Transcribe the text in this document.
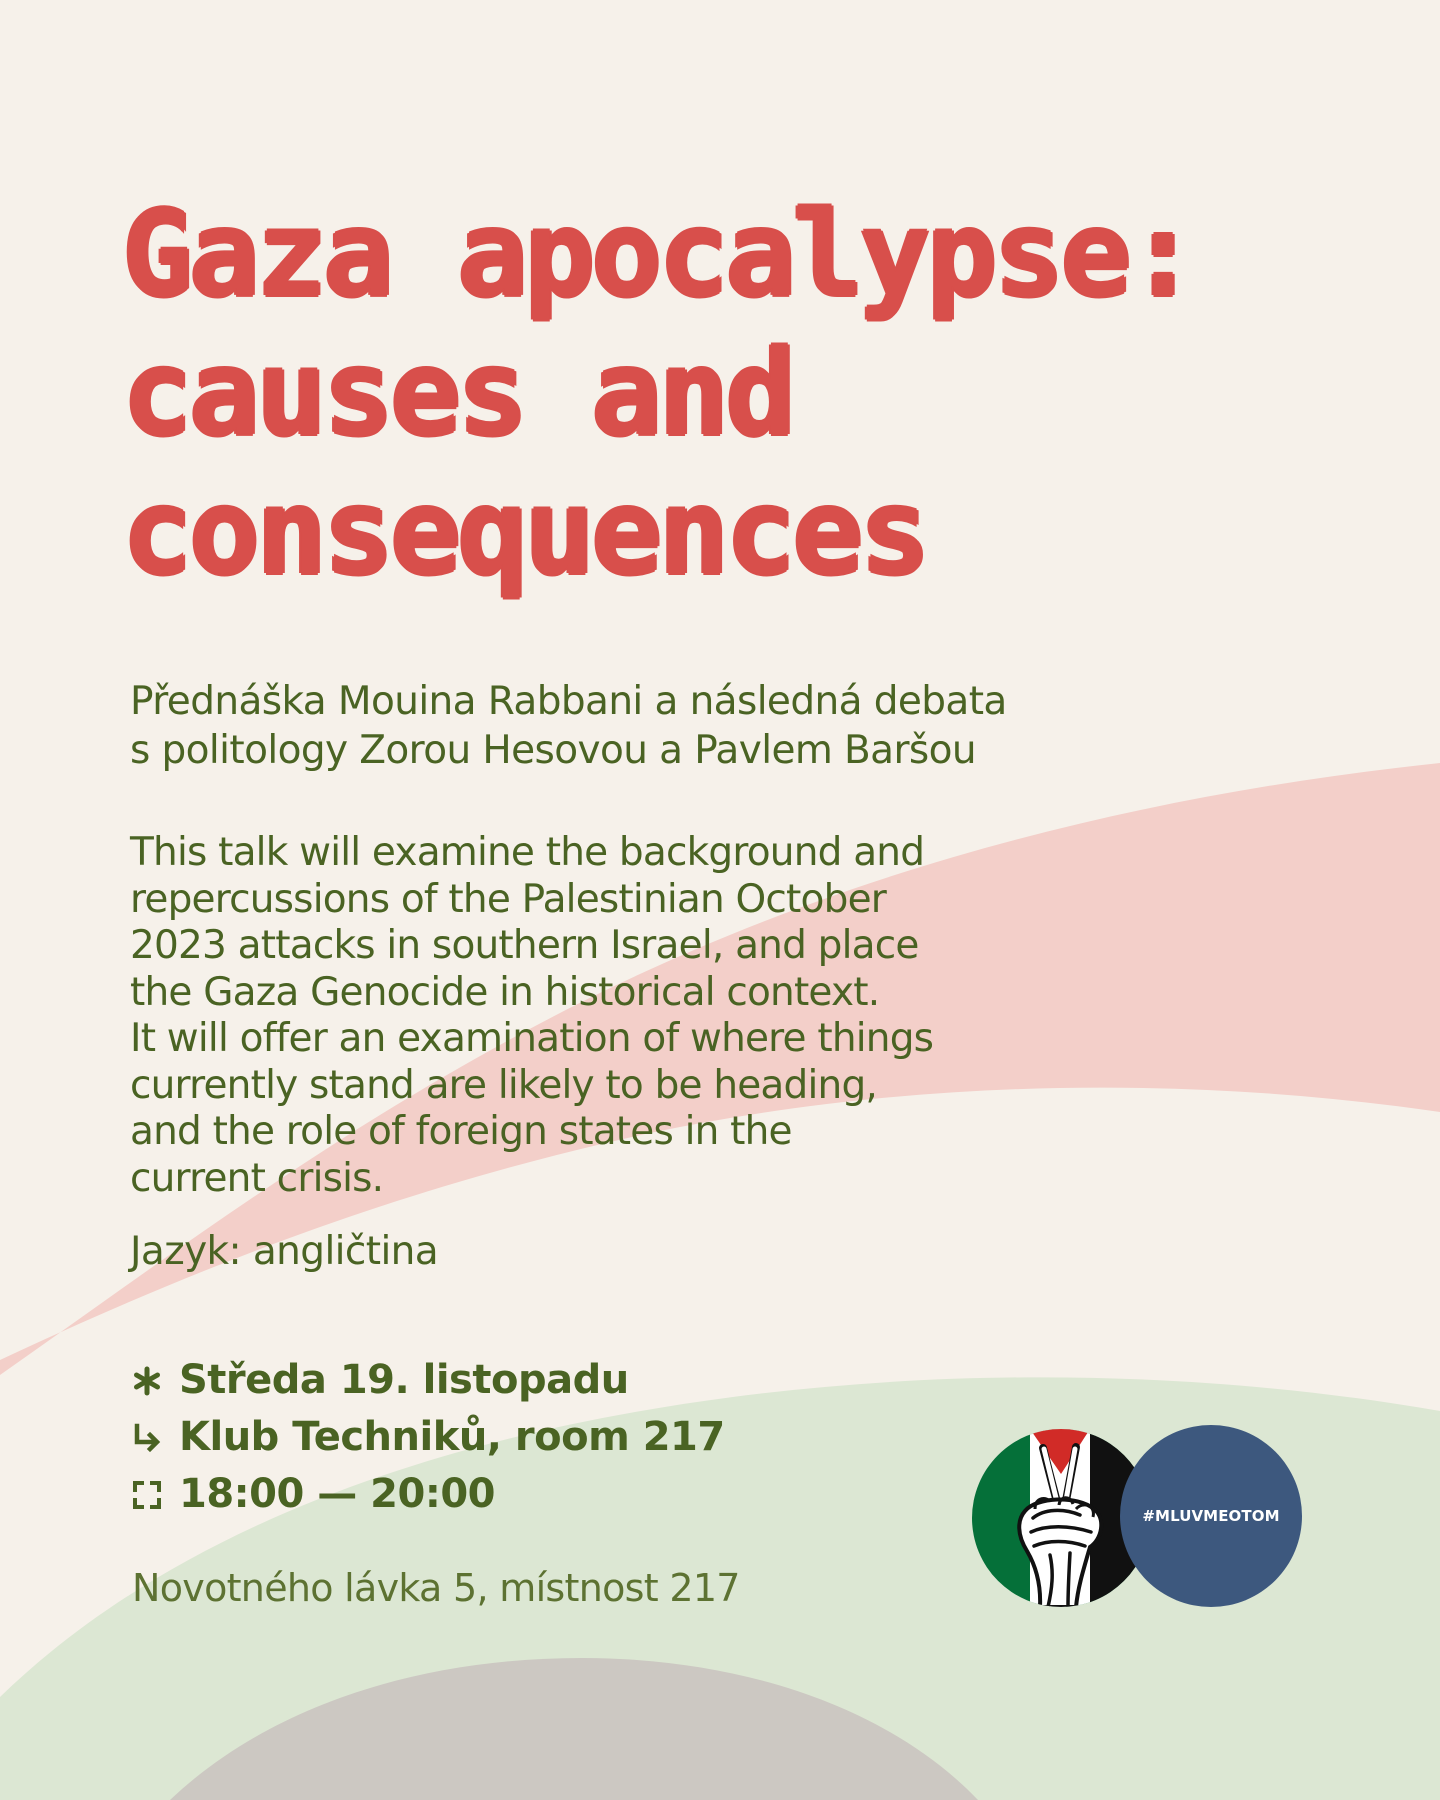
Gaza apocalypse:
causes and
consequences
Přednáška Mouina Rabbani a následná debata
s politology Zorou Hesovou a Pavlem Baršou

This talk will examine the background and
repercussions of the Palestinian October
2023 attacks in southern Israel, and place
the Gaza Genocide in historical context.
It will offer an examination of where things
currently stand are likely to be heading,
and the role of foreign states in the
current crisis.

Jazyk: angličtina
Středa 19. listopadu
Klub Techniků, room 217
18:00 — 20:00
Novotného lávka 5, místnost 217
#MLUVMEOTOM
